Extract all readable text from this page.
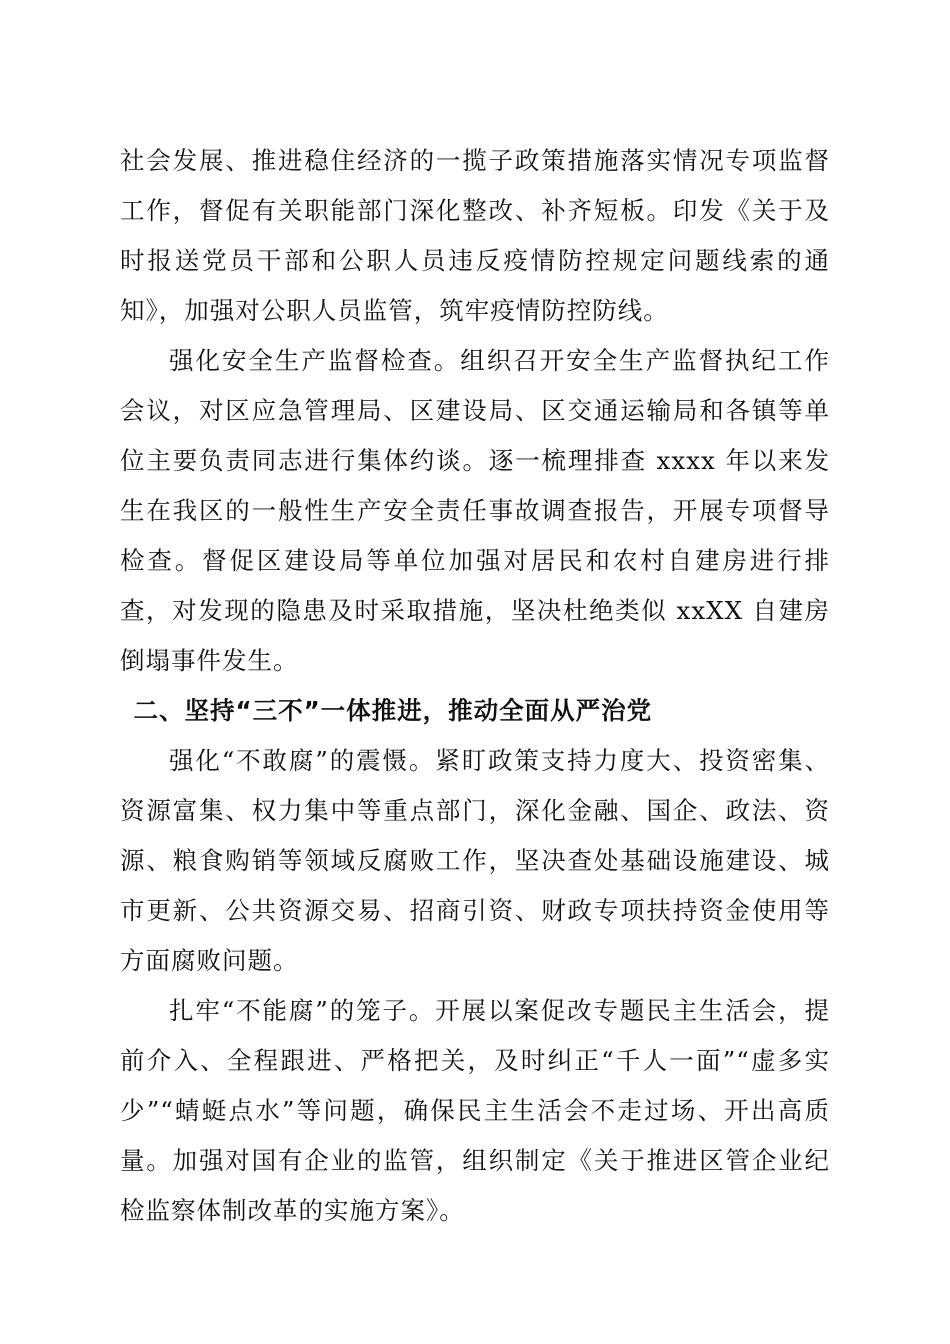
社会发展、推进稳住经济的一揽子政策措施落实情况专项监督工作，督促有关职能部门深化整改、补齐短板。印发《关于及时报送党员干部和公职人员违反疫情防控规定问题线索的通知》，加强对公职人员监管，筑牢疫情防控防线。

强化安全生产监督检查。组织召开安全生产监督执纪工作会议，对区应急管理局、区建设局、区交通运输局和各镇等单位主要负责同志进行集体约谈。逐一梳理排查 xxxx 年以来发生在我区的一般性生产安全责任事故调查报告，开展专项督导检查。督促区建设局等单位加强对居民和农村自建房进行排查，对发现的隐患及时采取措施，坚决杜绝类似 xxXX 自建房倒塌事件发生。

二、坚持“三不”一体推进，推动全面从严治党

强化“不敢腐”的震慑。紧盯政策支持力度大、投资密集、资源富集、权力集中等重点部门，深化金融、国企、政法、资源、粮食购销等领域反腐败工作，坚决查处基础设施建设、城市更新、公共资源交易、招商引资、财政专项扶持资金使用等方面腐败问题。

扎牢“不能腐”的笼子。开展以案促改专题民主生活会，提前介入、全程跟进、严格把关，及时纠正“千人一面”“虚多实少”“蜻蜓点水”等问题，确保民主生活会不走过场、开出高质量。加强对国有企业的监管，组织制定《关于推进区管企业纪检监察体制改革的实施方案》。
